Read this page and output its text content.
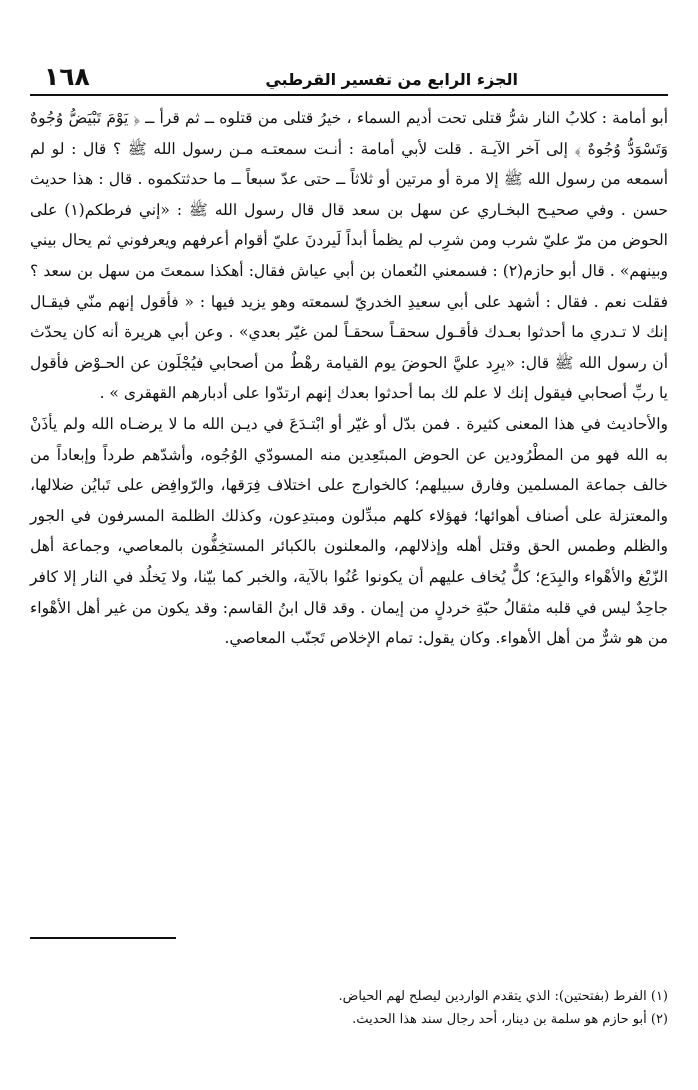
١٦٨	الجزء الرابع من تفسير القرطبي

أبو أمامة : كلابُ النار شرُّ قتلى تحت أديم السماء ، خيرُ قتلى من قتلوه ــ ثم قرأ ــ ﴿ يَوْمَ تَبْيَضُّ وُجُوهٌ وَتَسْوَدُّ وُجُوهٌ ﴾ إلى آخر الآيـة . قلت لأبي أمامة : أنـت سمعتـه مـن رسول الله ﷺ ؟ قال : لو لم أسمعه من رسول الله ﷺ إلا مرة أو مرتين أو ثلاثاً ــ حتى عدّ سبعاً ــ ما حدثتكموه . قال : هذا حديث حسن . وفي صحيـح البخـاري عن سهل بن سعد قال قال رسول الله ﷺ : «إني فرطكم(١) على الحوض من مرّ عليّ شرب ومن شرِب لم يظمأ أبداً لَيردنَ عليّ أقوام أعرفهم ويعرفوني ثم يحال بيني وبينهم» . قال أبو حازم(٢) : فسمعني النُعمان بن أبي عياش فقال: أهكذا سمعتَ من سهل بن سعد ؟ فقلت نعم . فقال : أشهد على أبي سعيدِ الخدريّ لسمعته وهو يزيد فيها : « فأقول إنهم منّي فيقـال إنك لا تـدري ما أحدثوا بعـدك فأقـول سحقـاً سحقـاً لمن غيّر بعدي» . وعن أبي هريرة أنه كان يحدّث أن رسول الله ﷺ قال: «يرِد عليَّ الحوضَ يوم القيامة رهْطٌ من أصحابي فيُجْلَون عن الحـوْض فأقول يا ربِّ أصحابي فيقول إنك لا علم لك بما أحدثوا بعدك إنهم ارتدّوا على أدبارهم القهقرى » .

والأحاديث في هذا المعنى كثيرة . فمن بدّل أو غيّر أو ابْتـدَعَ في ديـن الله ما لا يرضـاه الله ولم يأذَنْ به الله فهو من المطْرُودين عن الحوض المبتَعِدين منه المسودّي الوُجُوه، وأشدّهم طرداً وإبعاداً من خالف جماعة المسلمين وفارق سبيلهم؛ كالخوارج على اختلاف فِرَقها، والرّوافِض على تَبايُن ضلالها، والمعتزلة على أصناف أهوائها؛ فهؤلاء كلهم مبدِّلون ومبتدِعون، وكذلك الظلمة المسرفون في الجور والظلم وطمس الحق وقتل أهله وإذلالهم، والمعلنون بالكبائر المستخِفُّون بالمعاصي، وجماعة أهل الزّيْغ والأهْواء والبِدَع؛ كلٌّ يُخاف عليهم أن يكونوا عُنُوا بالآية، والخبر كما بيّنا، ولا يَخلُد في النار إلا كافر جاحِدٌ ليس في قلبه مثقالُ حبّةِ خردلٍ من إيمان . وقد قال ابنُ القاسم: وقد يكون من غير أهل الأهْواء من هو شرٌّ من أهل الأهواء. وكان يقول: تمام الإخلاص تَجنّب المعاصي.

(١) الفرط (بفتحتين): الذي يتقدم الواردين ليصلح لهم الحياض.
(٢) أبو حازم هو سلمة بن دينار، أحد رجال سند هذا الحديث.
